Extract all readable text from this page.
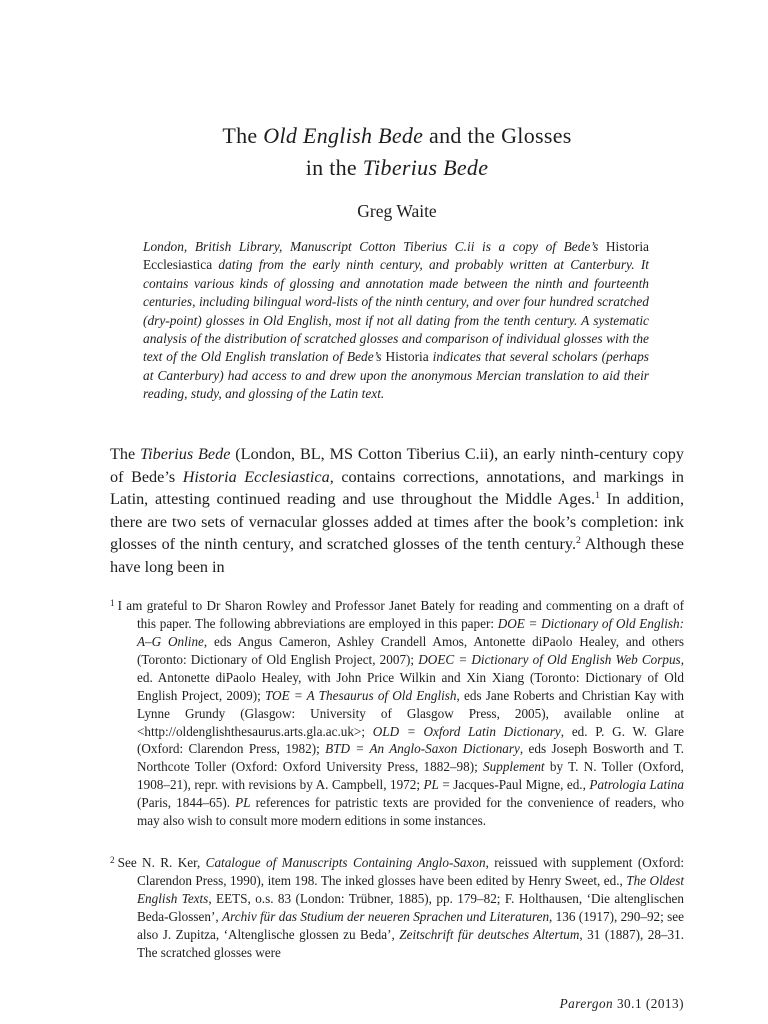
The Old English Bede and the Glosses
in the Tiberius Bede

Greg Waite

London, British Library, Manuscript Cotton Tiberius C.ii is a copy of Bede’s Historia Ecclesiastica dating from the early ninth century, and probably written at Canterbury. It contains various kinds of glossing and annotation made between the ninth and fourteenth centuries, including bilingual word-lists of the ninth century, and over four hundred scratched (dry-point) glosses in Old English, most if not all dating from the tenth century. A systematic analysis of the distribution of scratched glosses and comparison of individual glosses with the text of the Old English translation of Bede’s Historia indicates that several scholars (perhaps at Canterbury) had access to and drew upon the anonymous Mercian translation to aid their reading, study, and glossing of the Latin text.

The Tiberius Bede (London, BL, MS Cotton Tiberius C.ii), an early ninth-century copy of Bede’s Historia Ecclesiastica, contains corrections, annotations, and markings in Latin, attesting continued reading and use throughout the Middle Ages.$^1$ In addition, there are two sets of vernacular glosses added at times after the book’s completion: ink glosses of the ninth century, and scratched glosses of the tenth century.$^2$ Although these have long been in

$^1$ I am grateful to Dr Sharon Rowley and Professor Janet Bately for reading and commenting on a draft of this paper. The following abbreviations are employed in this paper: DOE = Dictionary of Old English: A–G Online, eds Angus Cameron, Ashley Crandell Amos, Antonette diPaolo Healey, and others (Toronto: Dictionary of Old English Project, 2007); DOEC = Dictionary of Old English Web Corpus, ed. Antonette diPaolo Healey, with John Price Wilkin and Xin Xiang (Toronto: Dictionary of Old English Project, 2009); TOE = A Thesaurus of Old English, eds Jane Roberts and Christian Kay with Lynne Grundy (Glasgow: University of Glasgow Press, 2005), available online at <http://oldenglishthesaurus.arts.gla.ac.uk>; OLD = Oxford Latin Dictionary, ed. P. G. W. Glare (Oxford: Clarendon Press, 1982); BTD = An Anglo-Saxon Dictionary, eds Joseph Bosworth and T. Northcote Toller (Oxford: Oxford University Press, 1882–98); Supplement by T. N. Toller (Oxford, 1908–21), repr. with revisions by A. Campbell, 1972; PL = Jacques-Paul Migne, ed., Patrologia Latina (Paris, 1844–65). PL references for patristic texts are provided for the convenience of readers, who may also wish to consult more modern editions in some instances.

$^2$ See N. R. Ker, Catalogue of Manuscripts Containing Anglo-Saxon, reissued with supplement (Oxford: Clarendon Press, 1990), item 198. The inked glosses have been edited by Henry Sweet, ed., The Oldest English Texts, EETS, o.s. 83 (London: Trübner, 1885), pp. 179–82; F. Holthausen, ‘Die altenglischen Beda-Glossen’, Archiv für das Studium der neueren Sprachen und Literaturen, 136 (1917), 290–92; see also J. Zupitza, ‘Altenglische glossen zu Beda’, Zeitschrift für deutsches Altertum, 31 (1887), 28–31. The scratched glosses were

Parergon 30.1 (2013)
